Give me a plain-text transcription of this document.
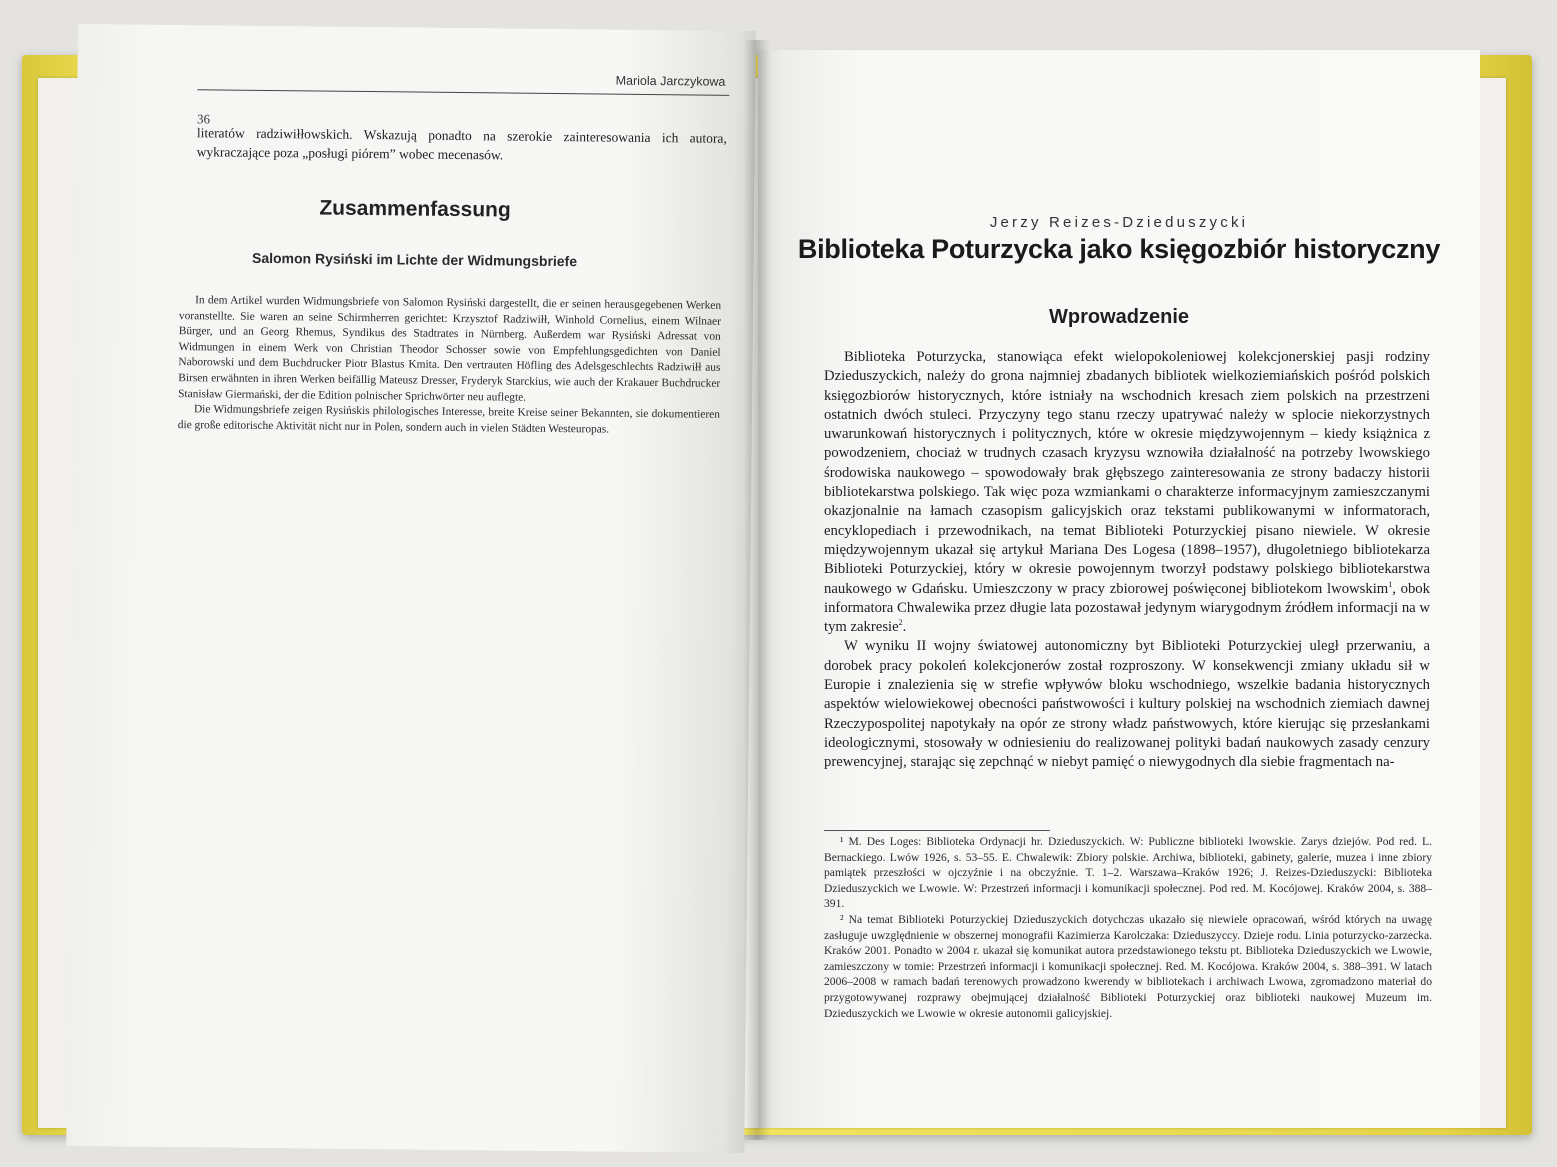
Mariola Jarczykowa
36

literatów radziwiłłowskich. Wskazują ponadto na szerokie zainteresowania ich autora, wykraczające poza „posługi piórem” wobec mecenasów.

Zusammenfassung
Salomon Rysiński im Lichte der Widmungsbriefe

In dem Artikel wurden Widmungsbriefe von Salomon Rysiński dargestellt, die er seinen herausgegebenen Werken voranstellte. Sie waren an seine Schirmherren gerichtet: Krzysztof Radziwiłł, Winhold Cornelius, einem Wilnaer Bürger, und an Georg Rhemus, Syndikus des Stadtrates in Nürnberg. Außerdem war Rysiński Adressat von Widmungen in einem Werk von Christian Theodor Schosser sowie von Empfehlungsgedichten von Daniel Naborowski und dem Buchdrucker Piotr Blastus Kmita. Den vertrauten Höfling des Adelsgeschlechts Radziwiłł aus Birsen erwähnten in ihren Werken beifällig Mateusz Dresser, Fryderyk Starckius, wie auch der Krakauer Buchdrucker Stanisław Giermański, der die Edition polnischer Sprichwörter neu auflegte.

Die Widmungsbriefe zeigen Rysińskis philologisches Interesse, breite Kreise seiner Bekannten, sie dokumentieren die große editorische Aktivität nicht nur in Polen, sondern auch in vielen Städten Westeuropas.

Jerzy Reizes-Dzieduszycki
Biblioteka Poturzycka jako księgozbiór historyczny
Wprowadzenie

Biblioteka Poturzycka, stanowiąca efekt wielopokoleniowej kolekcjonerskiej pasji rodziny Dzieduszyckich, należy do grona najmniej zbadanych bibliotek wielkoziemiańskich pośród polskich księgozbiorów historycznych, które istniały na wschodnich kresach ziem polskich na przestrzeni ostatnich dwóch stuleci. Przyczyny tego stanu rzeczy upatrywać należy w splocie niekorzystnych uwarunkowań historycznych i politycznych, które w okresie międzywojennym – kiedy książnica z powodzeniem, chociaż w trudnych czasach kryzysu wznowiła działalność na potrzeby lwowskiego środowiska naukowego – spowodowały brak głębszego zainteresowania ze strony badaczy historii bibliotekarstwa polskiego. Tak więc poza wzmiankami o charakterze informacyjnym zamieszczanymi okazjonalnie na łamach czasopism galicyjskich oraz tekstami publikowanymi w informatorach, encyklopediach i przewodnikach, na temat Biblioteki Poturzyckiej pisano niewiele. W okresie międzywojennym ukazał się artykuł Mariana Des Logesa (1898–1957), długoletniego bibliotekarza Biblioteki Poturzyckiej, który w okresie powojennym tworzył podstawy polskiego bibliotekarstwa naukowego w Gdańsku. Umieszczony w pracy zbiorowej poświęconej bibliotekom lwowskim$^1$, obok informatora Chwalewika przez długie lata pozostawał jedynym wiarygodnym źródłem informacji na w tym zakresie$^2$.

W wyniku II wojny światowej autonomiczny byt Biblioteki Poturzyckiej uległ przerwaniu, a dorobek pracy pokoleń kolekcjonerów został rozproszony. W konsekwencji zmiany układu sił w Europie i znalezienia się w strefie wpływów bloku wschodniego, wszelkie badania historycznych aspektów wielowiekowej obecności państwowości i kultury polskiej na wschodnich ziemiach dawnej Rzeczypospolitej napotykały na opór ze strony władz państwowych, które kierując się przesłankami ideologicznymi, stosowały w odniesieniu do realizowanej polityki badań naukowych zasady cenzury prewencyjnej, starając się zepchnąć w niebyt pamięć o niewygodnych dla siebie fragmentach na-

¹ M. Des Loges: Biblioteka Ordynacji hr. Dzieduszyckich. W: Publiczne biblioteki lwowskie. Zarys dziejów. Pod red. L. Bernackiego. Lwów 1926, s. 53–55. E. Chwalewik: Zbiory polskie. Archiwa, biblioteki, gabinety, galerie, muzea i inne zbiory pamiątek przeszłości w ojczyźnie i na obczyźnie. T. 1–2. Warszawa–Kraków 1926; J. Reizes-Dzieduszycki: Biblioteka Dzieduszyckich we Lwowie. W: Przestrzeń informacji i komunikacji społecznej. Pod red. M. Kocójowej. Kraków 2004, s. 388–391.

² Na temat Biblioteki Poturzyckiej Dzieduszyckich dotychczas ukazało się niewiele opracowań, wśród których na uwagę zasługuje uwzględnienie w obszernej monografii Kazimierza Karolczaka: Dzieduszyccy. Dzieje rodu. Linia poturzycko-zarzecka. Kraków 2001. Ponadto w 2004 r. ukazał się komunikat autora przedstawionego tekstu pt. Biblioteka Dzieduszyckich we Lwowie, zamieszczony w tomie: Przestrzeń informacji i komunikacji społecznej. Red. M. Kocójowa. Kraków 2004, s. 388–391. W latach 2006–2008 w ramach badań terenowych prowadzono kwerendy w bibliotekach i archiwach Lwowa, zgromadzono materiał do przygotowywanej rozprawy obejmującej działalność Biblioteki Poturzyckiej oraz biblioteki naukowej Muzeum im. Dzieduszyckich we Lwowie w okresie autonomii galicyjskiej.
